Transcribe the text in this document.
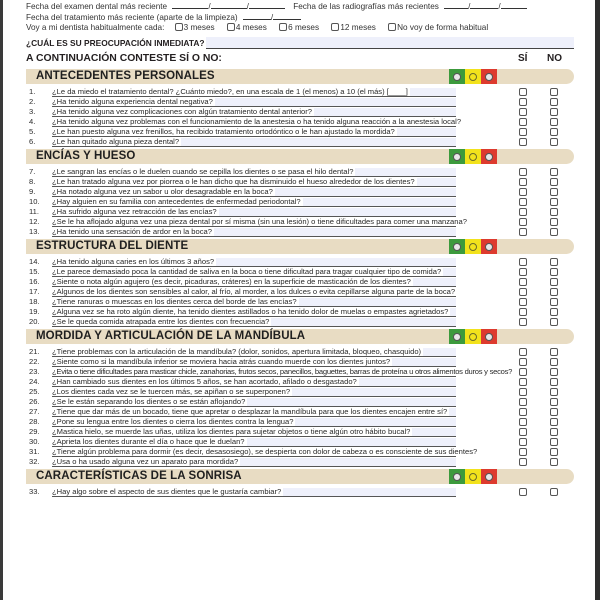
Fecha del examen dental más reciente	/	/	Fecha de las radiografías más recientes	/	/
Fecha del tratamiento más reciente (aparte de la limpieza)	/
Voy a mi dentista habitualmente cada: 3 meses	4 meses	6 meses	12 meses	No voy de forma habitual
¿CUÁL ES SU PREOCUPACIÓN INMEDIATA?
A CONTINUACIÓN CONTESTE SÍ O NO:	SÍ NO
ANTECEDENTES PERSONALES
1.	¿Le da miedo el tratamiento dental? ¿Cuánto miedo?, en una escala de 1 (el menos) a 10 (el más) [____]
2.	¿Ha tenido alguna experiencia dental negativa?
3.	¿Ha tenido alguna vez complicaciones con algún tratamiento dental anterior?
4.	¿Ha tenido alguna vez problemas con el funcionamiento de la anestesia o ha tenido alguna reacción a la anestesia local?
5.	¿Le han puesto alguna vez frenillos, ha recibido tratamiento ortodóntico o le han ajustado la mordida?
6.	¿Le han quitado alguna pieza dental?
ENCÍAS Y HUESO
7.	¿Le sangran las encías o le duelen cuando se cepilla los dientes o se pasa el hilo dental?
8.	¿Le han tratado alguna vez por piorrea o le han dicho que ha disminuido el hueso alrededor de los dientes?
9.	¿Ha notado alguna vez un sabor u olor desagradable en la boca?
10.	¿Hay alguien en su familia con antecedentes de enfermedad periodontal?
11.	¿Ha sufrido alguna vez retracción de las encías?
12.	¿Se le ha aflojado alguna vez una pieza dental por sí misma (sin una lesión) o tiene dificultades para comer una manzana?
13.	¿Ha tenido una sensación de ardor en la boca?
ESTRUCTURA DEL DIENTE
14.	¿Ha tenido alguna caries en los últimos 3 años?
15.	¿Le parece demasiado poca la cantidad de saliva en la boca o tiene dificultad para tragar cualquier tipo de comida?
16.	¿Siente o nota algún agujero (es decir, picaduras, cráteres) en la superficie de masticación de los dientes?
17.	¿Algunos de los dientes son sensibles al calor, al frío, al morder, a los dulces o evita cepillarse alguna parte de la boca?
18.	¿Tiene ranuras o muescas en los dientes cerca del borde de las encías?
19.	¿Alguna vez se ha roto algún diente, ha tenido dientes astillados o ha tenido dolor de muelas o empastes agrietados?
20.	¿Se le queda comida atrapada entre los dientes con frecuencia?
MORDIDA Y ARTICULACIÓN DE LA MANDÍBULA
21.	¿Tiene problemas con la articulación de la mandíbula? (dolor, sonidos, apertura limitada, bloqueo, chasquido)
22.	¿Siente como si la mandíbula inferior se moviera hacia atrás cuando muerde con los dientes juntos?
23.	¿Evita o tiene dificultades para masticar chicle, zanahorias, frutos secos, panecillos, baguettes, barras de proteína u otros alimentos duros y secos?
24.	¿Han cambiado sus dientes en los últimos 5 años, se han acortado, afilado o desgastado?
25.	¿Los dientes cada vez se le tuercen más, se apiñan o se superponen?
26.	¿Se le están separando los dientes o se están aflojando?
27.	¿Tiene que dar más de un bocado, tiene que apretar o desplazar la mandíbula para que los dientes encajen entre sí?
28.	¿Pone su lengua entre los dientes o cierra los dientes contra la lengua?
29.	¿Mastica hielo, se muerde las uñas, utiliza los dientes para sujetar objetos o tiene algún otro hábito bucal?
30.	¿Aprieta los dientes durante el día o hace que le duelan?
31.	¿Tiene algún problema para dormir (es decir, desasosiego), se despierta con dolor de cabeza o es consciente de sus dientes?
32.	¿Usa o ha usado alguna vez un aparato para mordida?
CARACTERÍSTICAS DE LA SONRISA
33.	¿Hay algo sobre el aspecto de sus dientes que le gustaría cambiar?
